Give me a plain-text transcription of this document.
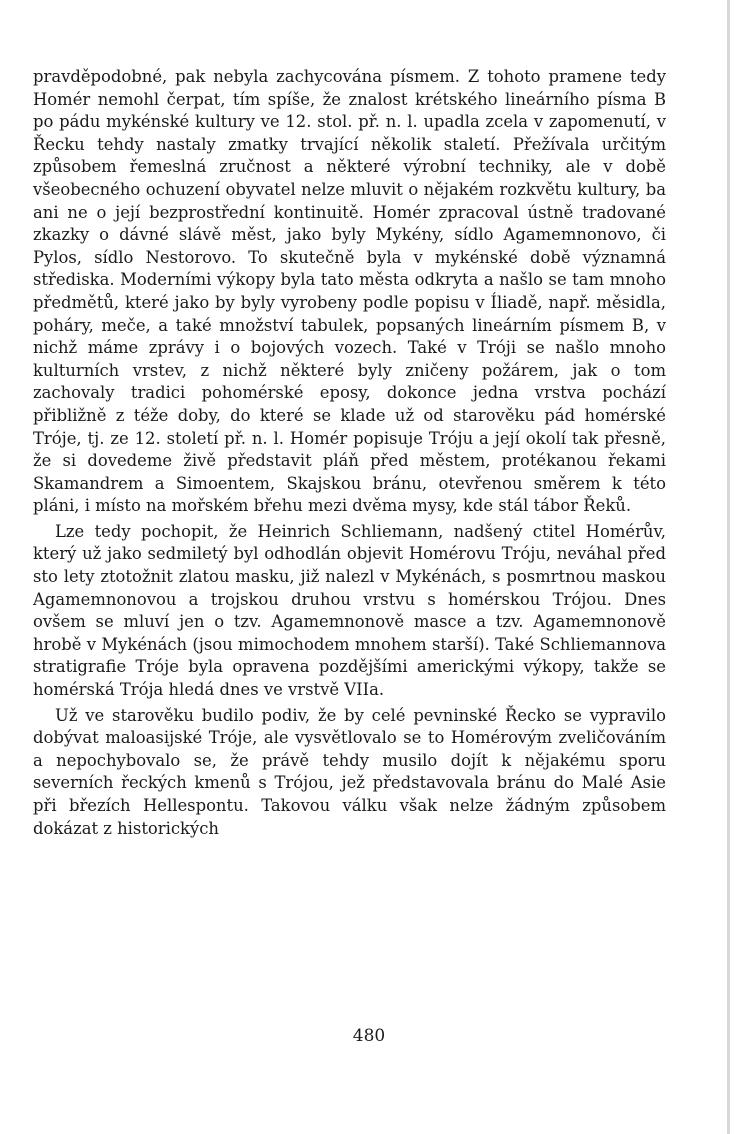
pravděpodobné, pak nebyla zachycována písmem. Z tohoto pramene tedy Homér nemohl čerpat, tím spíše, že znalost krétského lineárního písma B po pádu mykénské kultury ve 12. stol. př. n. l. upadla zcela v zapomenutí, v Řecku tehdy nastaly zmatky trvající několik staletí. Přežívala určitým způsobem řemeslná zručnost a některé výrobní techniky, ale v době všeobecného ochuzení obyvatel nelze mluvit o nějakém rozkvětu kultury, ba ani ne o její bezprostřední kontinuitě. Homér zpracoval ústně tradované zkazky o dávné slávě měst, jako byly Mykény, sídlo Agamemnonovo, či Pylos, sídlo Nestorovo. To skutečně byla v mykénské době významná střediska. Moderními výkopy byla tato města odkryta a našlo se tam mnoho předmětů, které jako by byly vyrobeny podle popisu v Íliadě, např. měsidla, poháry, meče, a také množství tabulek, popsaných lineárním písmem B, v nichž máme zprávy i o bojových vozech. Také v Tróji se našlo mnoho kulturních vrstev, z nichž některé byly zničeny požárem, jak o tom zachovaly tradici pohomérské eposy, dokonce jedna vrstva pochází přibližně z téže doby, do které se klade už od starověku pád homérské Tróje, tj. ze 12. století př. n. l. Homér popisuje Tróju a její okolí tak přesně, že si dovedeme živě představit pláň před městem, protékanou řekami Skamandrem a Simoentem, Skajskou bránu, otevřenou směrem k této pláni, i místo na mořském břehu mezi dvěma mysy, kde stál tábor Řeků.

Lze tedy pochopit, že Heinrich Schliemann, nadšený ctitel Homérův, který už jako sedmiletý byl odhodlán objevit Homérovu Tróju, neváhal před sto lety ztotožnit zlatou masku, již nalezl v Mykénách, s posmrtnou maskou Agamemnonovou a trojskou druhou vrstvu s homérskou Trójou. Dnes ovšem se mluví jen o tzv. Agamemnonově masce a tzv. Agamemnonově hrobě v Mykénách (jsou mimochodem mnohem starší). Také Schliemannova stratigrafie Tróje byla opravena pozdějšími americkými výkopy, takže se homérská Trója hledá dnes ve vrstvě VIIa.

Už ve starověku budilo podiv, že by celé pevninské Řecko se vypravilo dobývat maloasijské Tróje, ale vysvětlovalo se to Homérovým zveličováním a nepochybovalo se, že právě tehdy musilo dojít k nějakému sporu severních řeckých kmenů s Trójou, jež představovala bránu do Malé Asie při březích Hellespontu. Takovou válku však nelze žádným způsobem dokázat z historických

480
